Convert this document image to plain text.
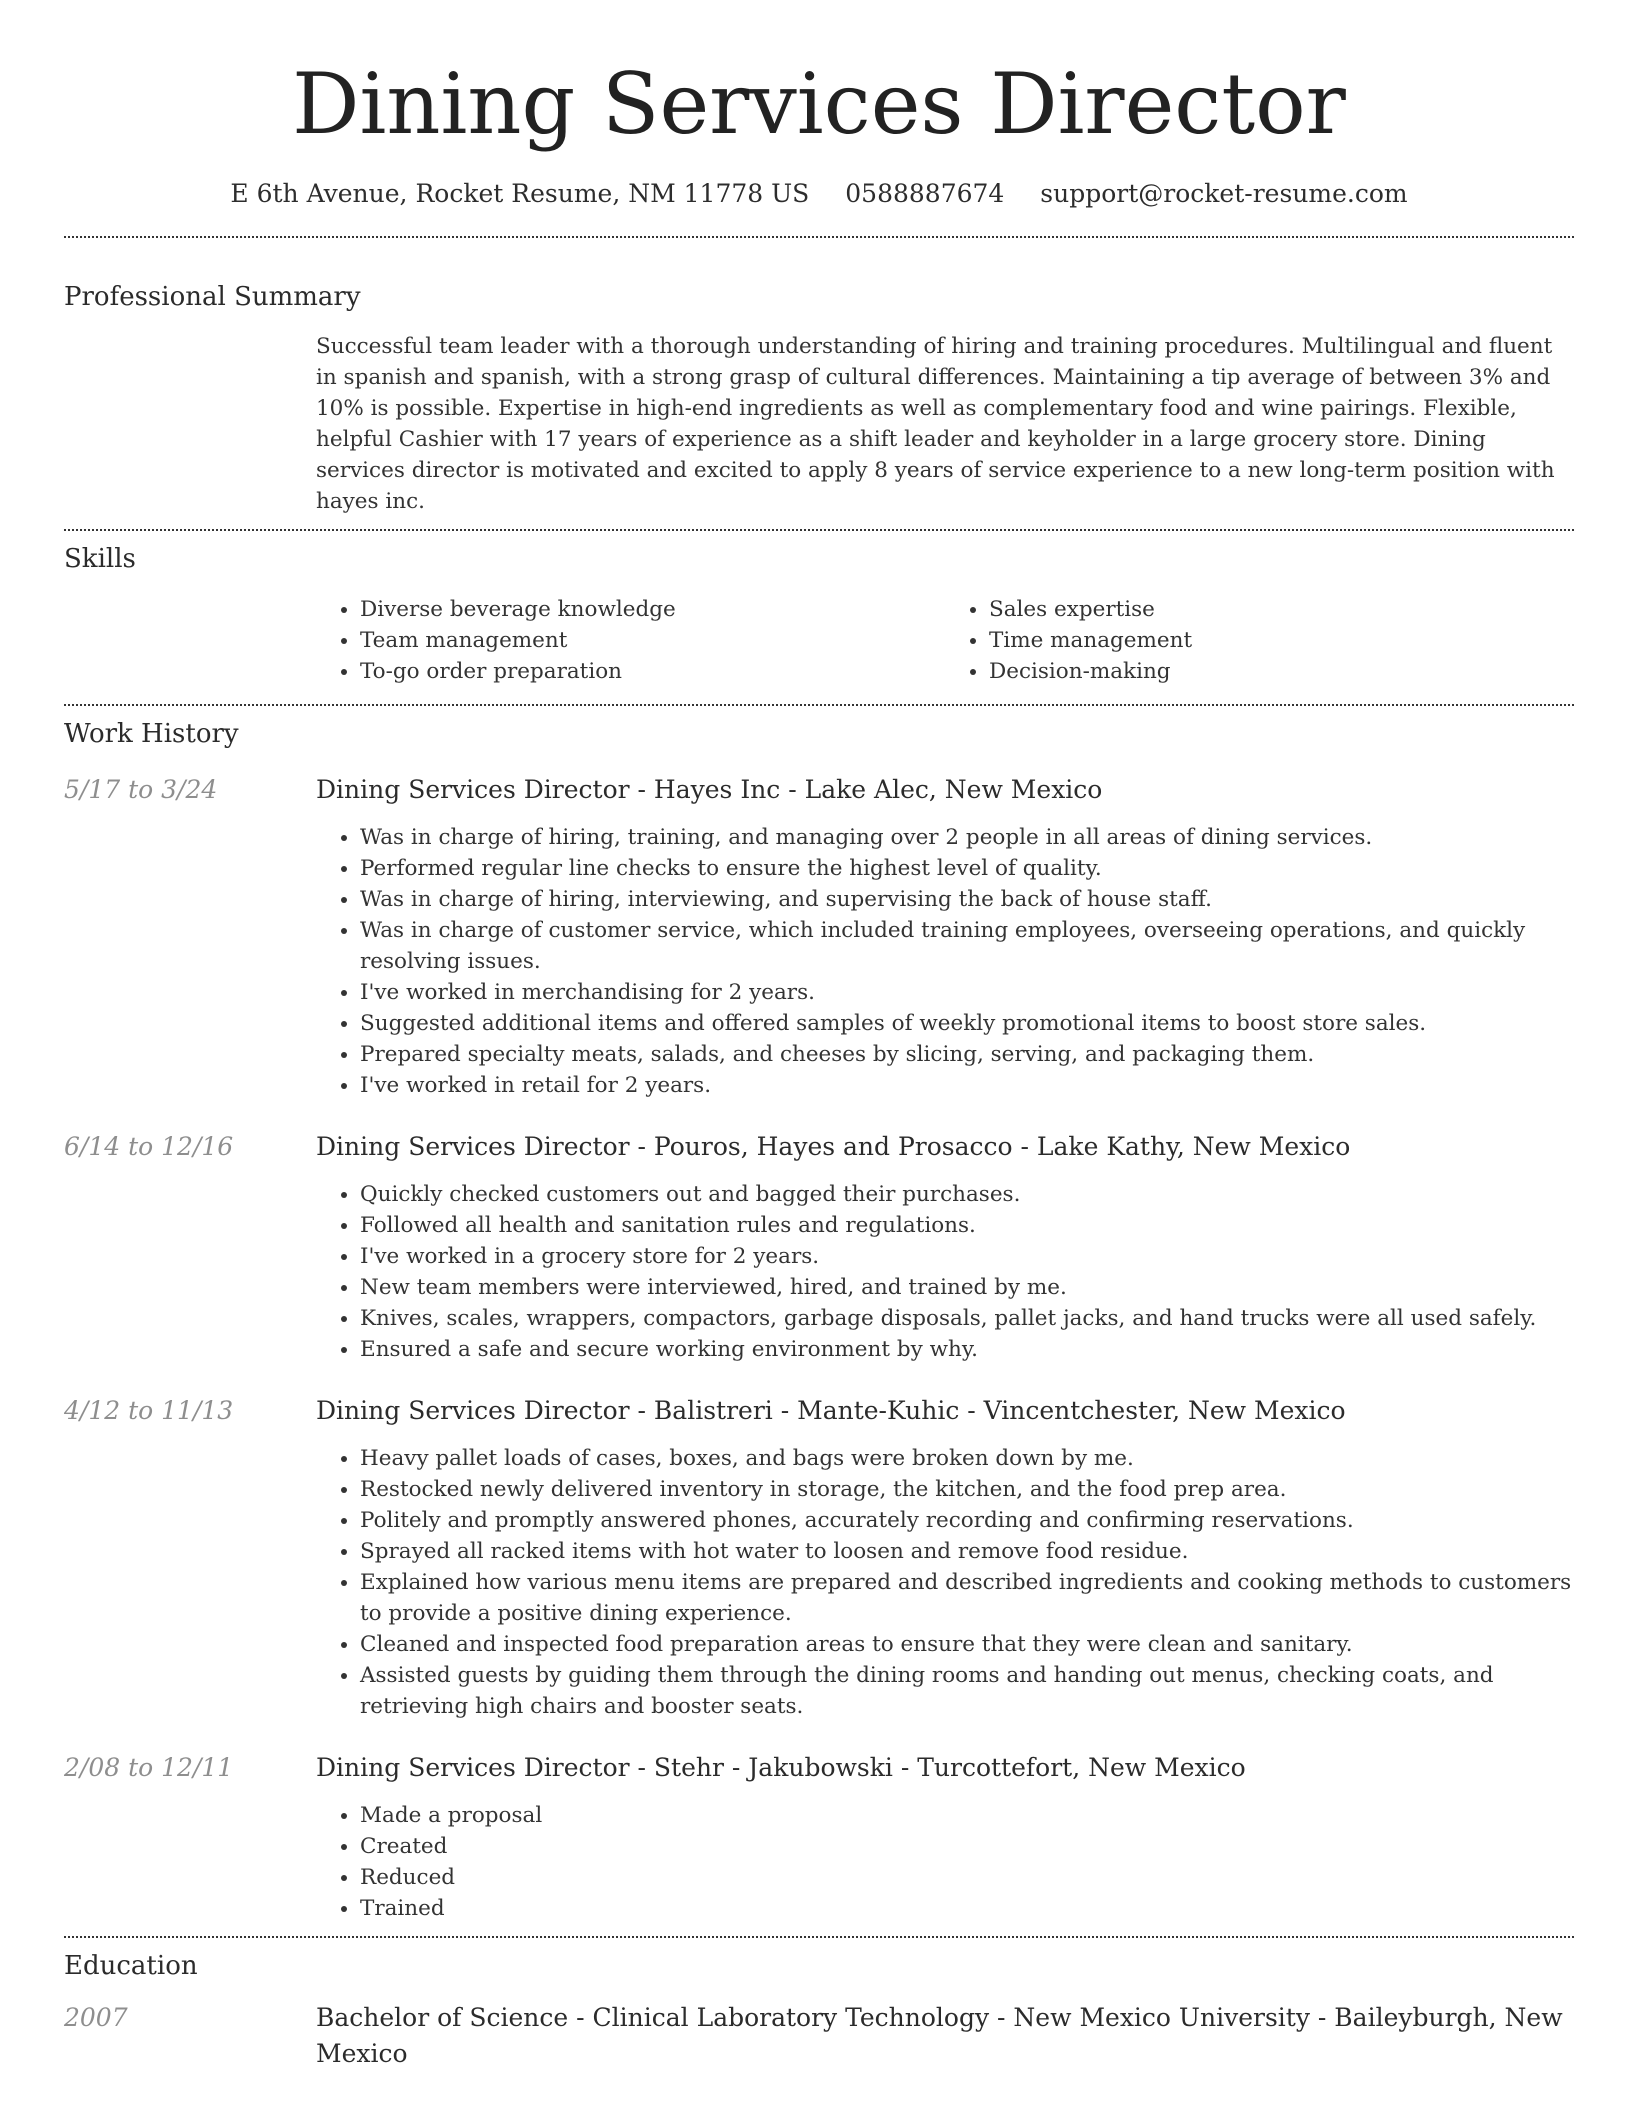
Dining Services Director
E 6th Avenue, Rocket Resume, NM 11778 US 0588887674 support@rocket-resume.com
Professional Summary
Successful team leader with a thorough understanding of hiring and training procedures. Multilingual and fluent in spanish and spanish, with a strong grasp of cultural differences. Maintaining a tip average of between 3% and 10% is possible. Expertise in high-end ingredients as well as complementary food and wine pairings. Flexible, helpful Cashier with 17 years of experience as a shift leader and keyholder in a large grocery store. Dining services director is motivated and excited to apply 8 years of service experience to a new long-term position with hayes inc.
Skills
• Diverse beverage knowledge
• Team management
• To-go order preparation
• Sales expertise
• Time management
• Decision-making
Work History
5/17 to 3/24	Dining Services Director - Hayes Inc - Lake Alec, New Mexico
• Was in charge of hiring, training, and managing over 2 people in all areas of dining services.
• Performed regular line checks to ensure the highest level of quality.
• Was in charge of hiring, interviewing, and supervising the back of house staff.
• Was in charge of customer service, which included training employees, overseeing operations, and quickly resolving issues.
• I've worked in merchandising for 2 years.
• Suggested additional items and offered samples of weekly promotional items to boost store sales.
• Prepared specialty meats, salads, and cheeses by slicing, serving, and packaging them.
• I've worked in retail for 2 years.
6/14 to 12/16	Dining Services Director - Pouros, Hayes and Prosacco - Lake Kathy, New Mexico
• Quickly checked customers out and bagged their purchases.
• Followed all health and sanitation rules and regulations.
• I've worked in a grocery store for 2 years.
• New team members were interviewed, hired, and trained by me.
• Knives, scales, wrappers, compactors, garbage disposals, pallet jacks, and hand trucks were all used safely.
• Ensured a safe and secure working environment by why.
4/12 to 11/13	Dining Services Director - Balistreri - Mante-Kuhic - Vincentchester, New Mexico
• Heavy pallet loads of cases, boxes, and bags were broken down by me.
• Restocked newly delivered inventory in storage, the kitchen, and the food prep area.
• Politely and promptly answered phones, accurately recording and confirming reservations.
• Sprayed all racked items with hot water to loosen and remove food residue.
• Explained how various menu items are prepared and described ingredients and cooking methods to customers to provide a positive dining experience.
• Cleaned and inspected food preparation areas to ensure that they were clean and sanitary.
• Assisted guests by guiding them through the dining rooms and handing out menus, checking coats, and retrieving high chairs and booster seats.
2/08 to 12/11	Dining Services Director - Stehr - Jakubowski - Turcottefort, New Mexico
• Made a proposal
• Created
• Reduced
• Trained
Education
2007	Bachelor of Science - Clinical Laboratory Technology - New Mexico University - Baileyburgh, New Mexico
